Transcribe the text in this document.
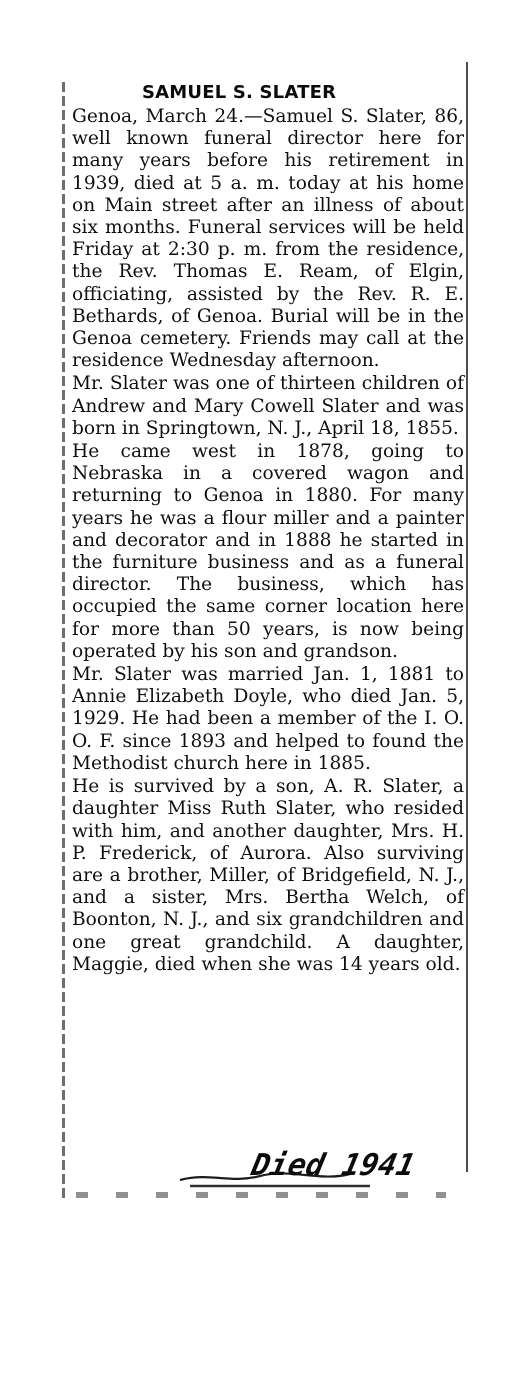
SAMUEL S. SLATER

Genoa, March 24.—Samuel S. Slater, 86, well known funeral director here for many years before his retirement in 1939, died at 5 a. m. today at his home on Main street after an illness of about six months. Funeral services will be held Friday at 2:30 p. m. from the residence, the Rev. Thomas E. Ream, of Elgin, officiating, assisted by the Rev. R. E. Bethards, of Genoa. Burial will be in the Genoa cemetery. Friends may call at the residence Wednesday afternoon.

Mr. Slater was one of thirteen children of Andrew and Mary Cowell Slater and was born in Springtown, N. J., April 18, 1855.

He came west in 1878, going to Nebraska in a covered wagon and returning to Genoa in 1880. For many years he was a flour miller and a painter and decorator and in 1888 he started in the furniture business and as a funeral director. The business, which has occupied the same corner location here for more than 50 years, is now being operated by his son and grandson.

Mr. Slater was married Jan. 1, 1881 to Annie Elizabeth Doyle, who died Jan. 5, 1929. He had been a member of the I. O. O. F. since 1893 and helped to found the Methodist church here in 1885.

He is survived by a son, A. R. Slater, a daughter Miss Ruth Slater, who resided with him, and another daughter, Mrs. H. P. Frederick, of Aurora. Also surviving are a brother, Miller, of Bridgefield, N. J., and a sister, Mrs. Bertha Welch, of Boonton, N. J., and six grandchildren and one great grandchild. A daughter, Maggie, died when she was 14 years old.

Died 1941
